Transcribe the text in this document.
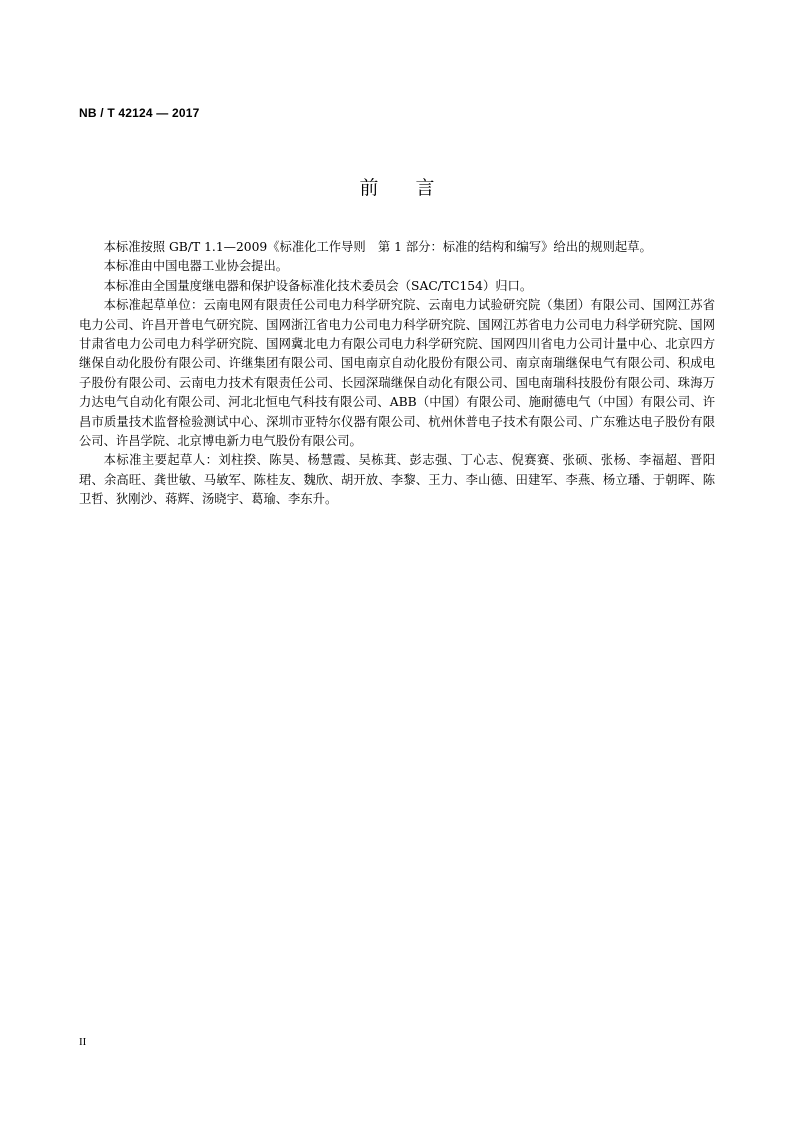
NB / T 42124 — 2017
前 言

本标准按照 GB/T 1.1—2009《标准化工作导则　第 1 部分：标准的结构和编写》给出的规则起草。

本标准由中国电器工业协会提出。

本标准由全国量度继电器和保护设备标准化技术委员会（SAC/TC154）归口。

本标准起草单位：云南电网有限责任公司电力科学研究院、云南电力试验研究院（集团）有限公司、国网江苏省电力公司、许昌开普电气研究院、国网浙江省电力公司电力科学研究院、国网江苏省电力公司电力科学研究院、国网甘肃省电力公司电力科学研究院、国网冀北电力有限公司电力科学研究院、国网四川省电力公司计量中心、北京四方继保自动化股份有限公司、许继集团有限公司、国电南京自动化股份有限公司、南京南瑞继保电气有限公司、积成电子股份有限公司、云南电力技术有限责任公司、长园深瑞继保自动化有限公司、国电南瑞科技股份有限公司、珠海万力达电气自动化有限公司、河北北恒电气科技有限公司、ABB（中国）有限公司、施耐德电气（中国）有限公司、许昌市质量技术监督检验测试中心、深圳市亚特尔仪器有限公司、杭州休普电子技术有限公司、广东雅达电子股份有限公司、许昌学院、北京博电新力电气股份有限公司。

本标准主要起草人：刘柱揆、陈昊、杨慧霞、吴栋萁、彭志强、丁心志、倪赛赛、张硕、张杨、李福超、晋阳珺、余高旺、龚世敏、马敏军、陈桂友、魏欣、胡开放、李黎、王力、李山德、田建军、李燕、杨立璠、于朝晖、陈卫哲、狄刚沙、蒋辉、汤晓宇、葛瑜、李东升。

II
